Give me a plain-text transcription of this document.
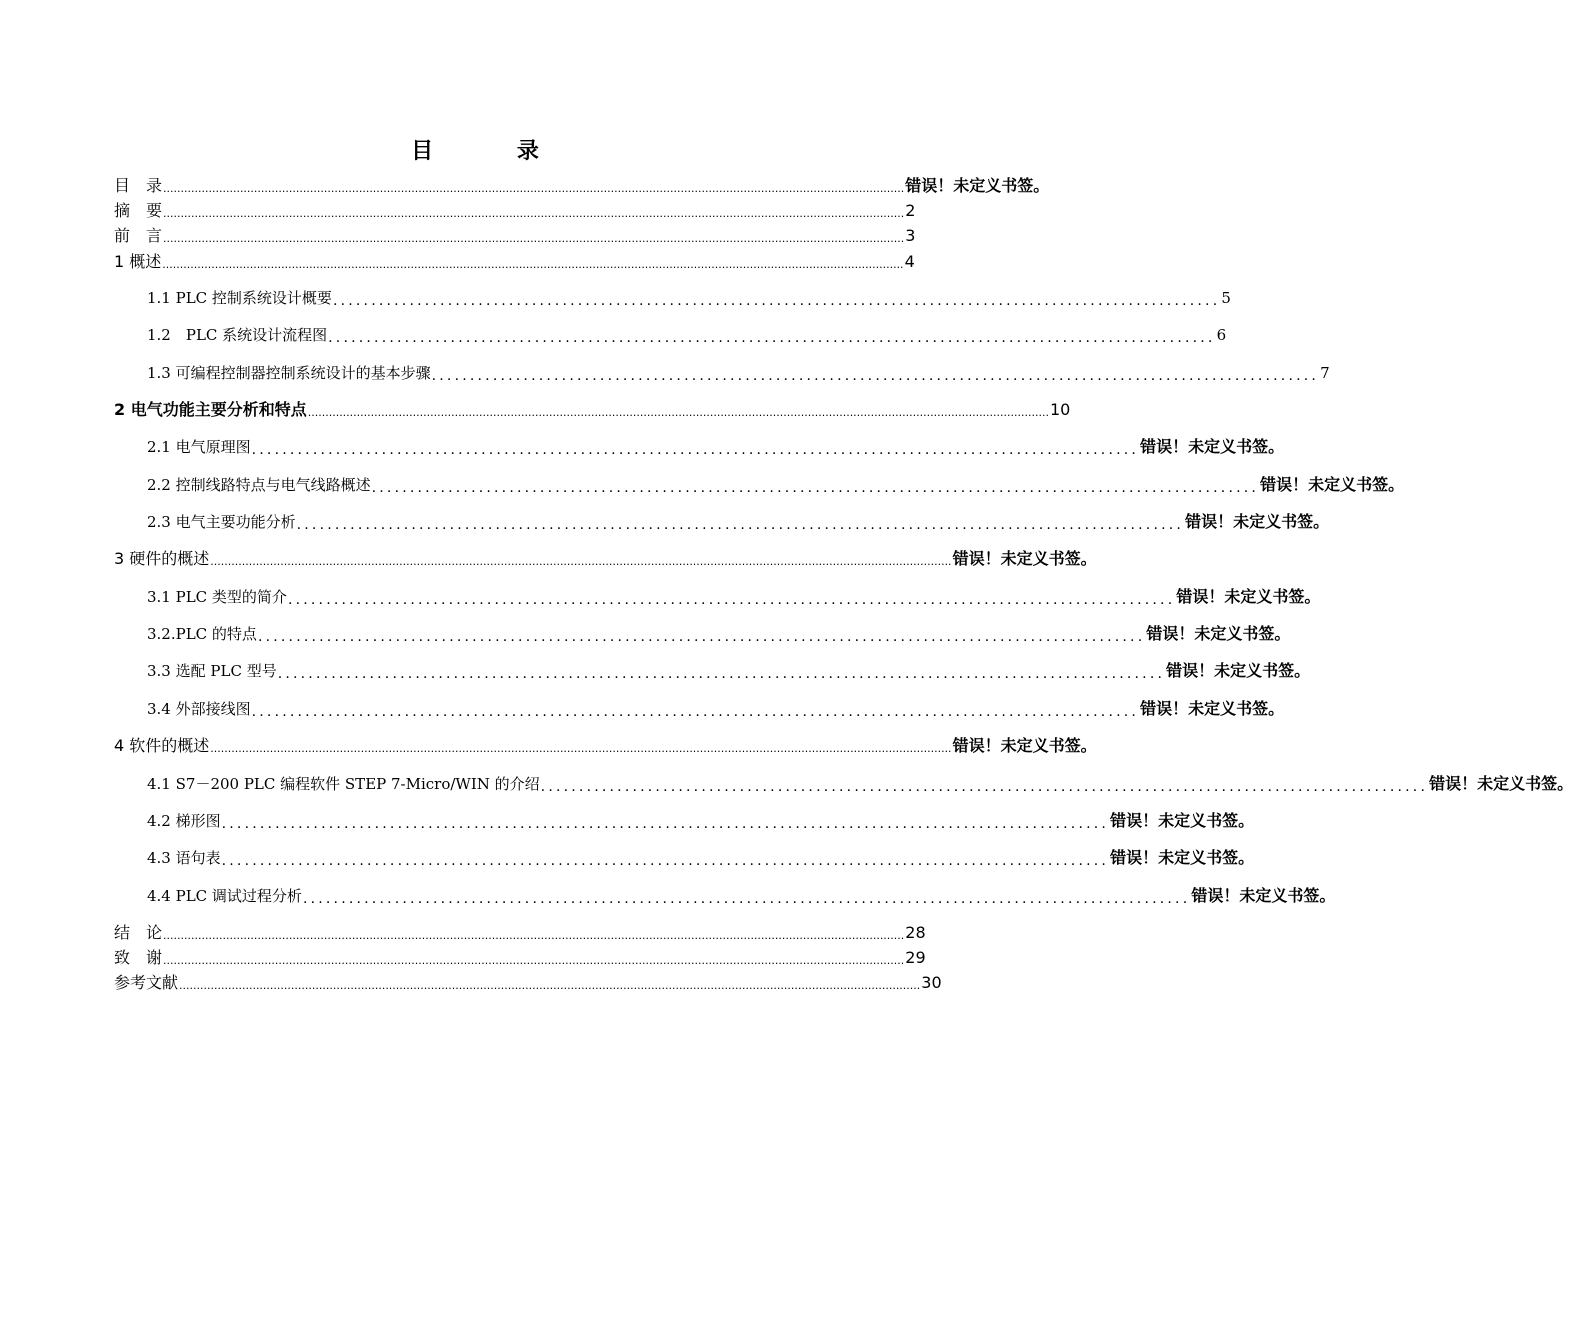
目 录
目　录 .................................................................................................................................................................................................................... 错误！未定义书签。
摘　要 .................................................................................................................................................................................................................... 2
前　言 .................................................................................................................................................................................................................... 3
1 概述 .................................................................................................................................................................................................................... 4
1.1 PLC 控制系统设计概要 .................................................................................................................... 5
1.2　PLC 系统设计流程图 .................................................................................................................... 6
1.3 可编程控制器控制系统设计的基本步骤 .................................................................................................................... 7
2 电气功能主要分析和特点 .................................................................................................................................................................................................................... 10
2.1 电气原理图 .................................................................................................................... 错误！未定义书签。
2.2 控制线路特点与电气线路概述 .................................................................................................................... 错误！未定义书签。
2.3 电气主要功能分析 .................................................................................................................... 错误！未定义书签。
3 硬件的概述 .................................................................................................................................................................................................................... 错误！未定义书签。
3.1 PLC 类型的简介 .................................................................................................................... 错误！未定义书签。
3.2.PLC 的特点 .................................................................................................................... 错误！未定义书签。
3.3 选配 PLC 型号 .................................................................................................................... 错误！未定义书签。
3.4 外部接线图 .................................................................................................................... 错误！未定义书签。
4 软件的概述 .................................................................................................................................................................................................................... 错误！未定义书签。
4.1 S7－200 PLC 编程软件 STEP 7-Micro/WIN 的介绍 .................................................................................................................... 错误！未定义书签。
4.2 梯形图 .................................................................................................................... 错误！未定义书签。
4.3 语句表 .................................................................................................................... 错误！未定义书签。
4.4 PLC 调试过程分析 .................................................................................................................... 错误！未定义书签。
结　论 .................................................................................................................................................................................................................... 28
致　谢 .................................................................................................................................................................................................................... 29
参考文献 .................................................................................................................................................................................................................... 30
